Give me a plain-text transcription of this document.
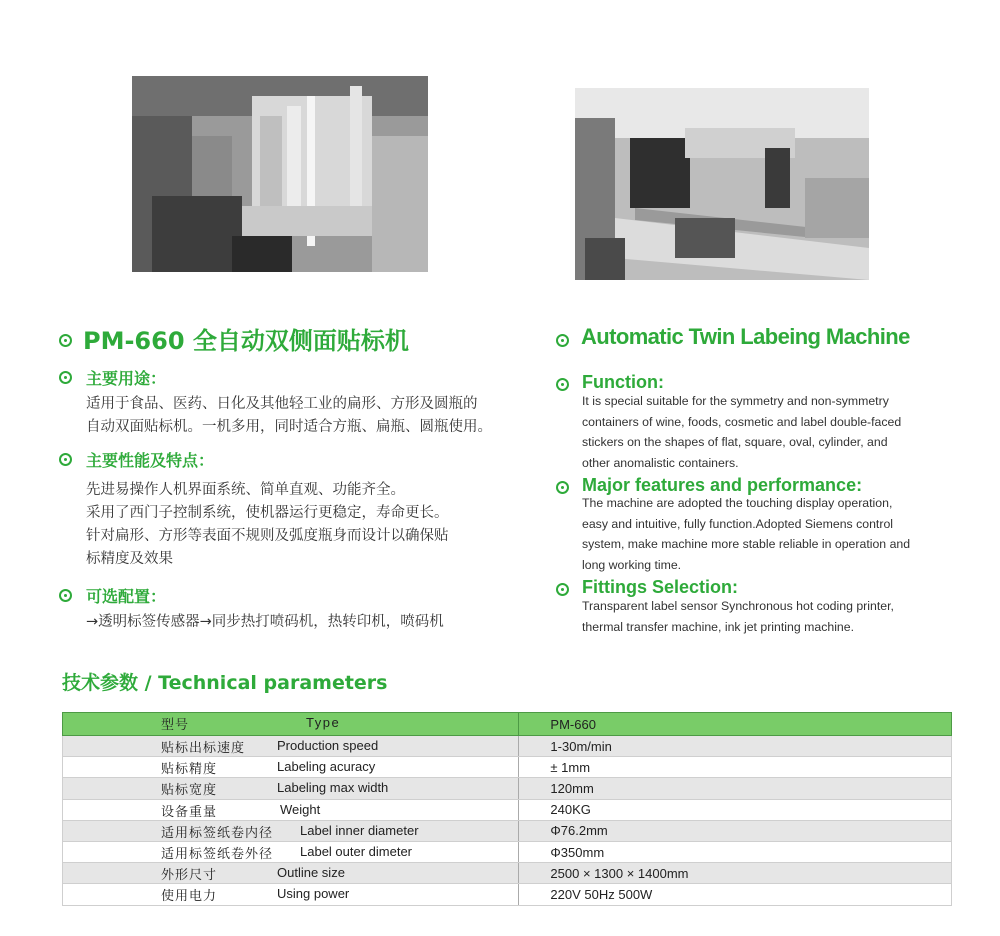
PM-660 全自动双侧面贴标机
主要用途：
适用于食品、医药、日化及其他轻工业的扁形、方形及圆瓶的
自动双面贴标机。一机多用，同时适合方瓶、扁瓶、圆瓶使用。
主要性能及特点：
先进易操作人机界面系统、简单直观、功能齐全。
采用了西门子控制系统，使机器运行更稳定，寿命更长。
针对扁形、方形等表面不规则及弧度瓶身而设计以确保贴
标精度及效果
可选配置：
→透明标签传感器→同步热打喷码机，热转印机，喷码机
Automatic Twin Labeing Machine
Function:
It is special suitable for the symmetry and non-symmetry
containers of wine, foods, cosmetic and label double-faced
stickers on the shapes of flat, square, oval, cylinder, and
other anomalistic containers.
Major features and performance:
The machine are adopted the touching display operation,
easy and intuitive, fully function.Adopted Siemens control
system, make machine more stable reliable in operation and
long working time.
Fittings Selection:
Transparent label sensor Synchronous hot coding printer,
thermal transfer machine, ink jet printing machine.
技术参数 / Technical parameters
型号 Type		PM-660

贴标出标速度 Production speed		1-30m/min

贴标精度 Labeling acuracy		± 1mm

贴标宽度 Labeling max width		120mm

设备重量 Weight		240KG

适用标签纸卷内径 Label inner diameter		Φ76.2mm

适用标签纸卷外径 Label outer dimeter		Φ350mm

外形尺寸 Outline size		2500 × 1300 × 1400mm

使用电力 Using power		220V 50Hz 500W
